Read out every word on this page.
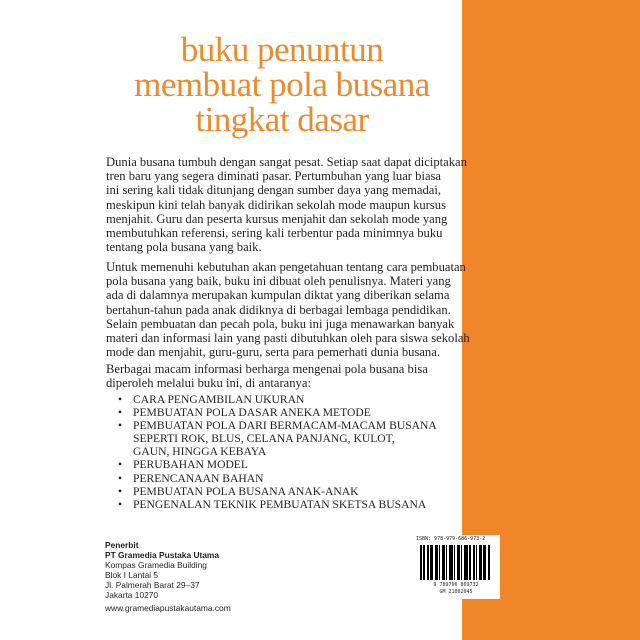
buku penuntun
membuat pola busana
tingkat dasar
Dunia busana tumbuh dengan sangat pesat. Setiap saat dapat diciptakan
tren baru yang segera diminati pasar. Pertumbuhan yang luar biasa
ini sering kali tidak ditunjang dengan sumber daya yang memadai,
meskipun kini telah banyak didirikan sekolah mode maupun kursus
menjahit. Guru dan peserta kursus menjahit dan sekolah mode yang
membutuhkan referensi, sering kali terbentur pada minimnya buku
tentang pola busana yang baik.
Untuk memenuhi kebutuhan akan pengetahuan tentang cara pembuatan
pola busana yang baik, buku ini dibuat oleh penulisnya. Materi yang
ada di dalamnya merupakan kumpulan diktat yang diberikan selama
bertahun-tahun pada anak didiknya di berbagai lembaga pendidikan.
Selain pembuatan dan pecah pola, buku ini juga menawarkan banyak
materi dan informasi lain yang pasti dibutuhkan oleh para siswa sekolah
mode dan menjahit, guru-guru, serta para pemerhati dunia busana.
Berbagai macam informasi berharga mengenai pola busana bisa
diperoleh melalui buku ini, di antaranya:
• CARA PENGAMBILAN UKURAN
• PEMBUATAN POLA DASAR ANEKA METODE
• PEMBUATAN POLA DARI BERMACAM-MACAM BUSANA
SEPERTI ROK, BLUS, CELANA PANJANG, KULOT,
GAUN, HINGGA KEBAYA
• PERUBAHAN MODEL
• PERENCANAAN BAHAN
• PEMBUATAN POLA BUSANA ANAK-ANAK
• PENGENALAN TEKNIK PEMBUATAN SKETSA BUSANA
Penerbit
PT Gramedia Pustaka Utama
Kompas Gramedia Building
Blok I Lantai 5
Jl. Palmerah Barat 29–37
Jakarta 10270
www.gramediapustakautama.com
ISBN: 978-979-686-973-2
9 789796 869732
GM 21002045
